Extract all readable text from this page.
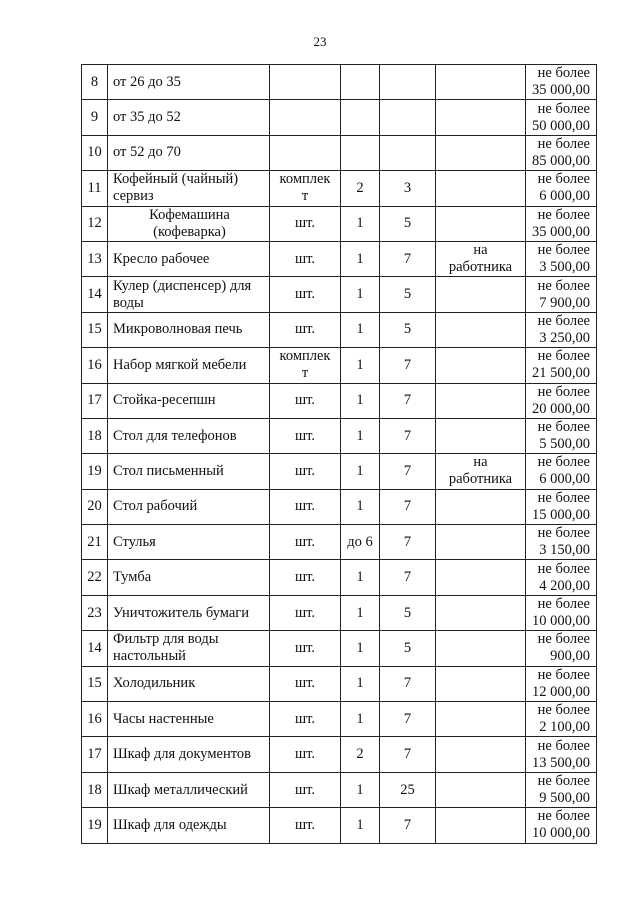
23
8	от 26 до 35					не более
35 000,00

9	от 35 до 52					не более
50 000,00

10	от 52 до 70					не более
85 000,00

11	Кофейный (чайный)
сервиз	комплек
т	2	3		не более
6 000,00

12	Кофемашина
(кофеварка)	шт.	1	5		не более
35 000,00

13	Кресло рабочее	шт.	1	7	на
работника	не более
3 500,00

14	Кулер (диспенсер) для
воды	шт.	1	5		не более
7 900,00

15	Микроволновая печь	шт.	1	5		не более
3 250,00

16	Набор мягкой мебели	комплек
т	1	7		не более
21 500,00

17	Стойка-ресепшн	шт.	1	7		не более
20 000,00

18	Стол для телефонов	шт.	1	7		не более
5 500,00

19	Стол письменный	шт.	1	7	на
работника	не более
6 000,00

20	Стол рабочий	шт.	1	7		не более
15 000,00

21	Стулья	шт.	до 6	7		не более
3 150,00

22	Тумба	шт.	1	7		не более
4 200,00

23	Уничтожитель бумаги	шт.	1	5		не более
10 000,00

14	Фильтр для воды
настольный	шт.	1	5		не более
900,00

15	Холодильник	шт.	1	7		не более
12 000,00

16	Часы настенные	шт.	1	7		не более
2 100,00

17	Шкаф для документов	шт.	2	7		не более
13 500,00

18	Шкаф металлический	шт.	1	25		не более
9 500,00

19	Шкаф для одежды	шт.	1	7		не более
10 000,00
